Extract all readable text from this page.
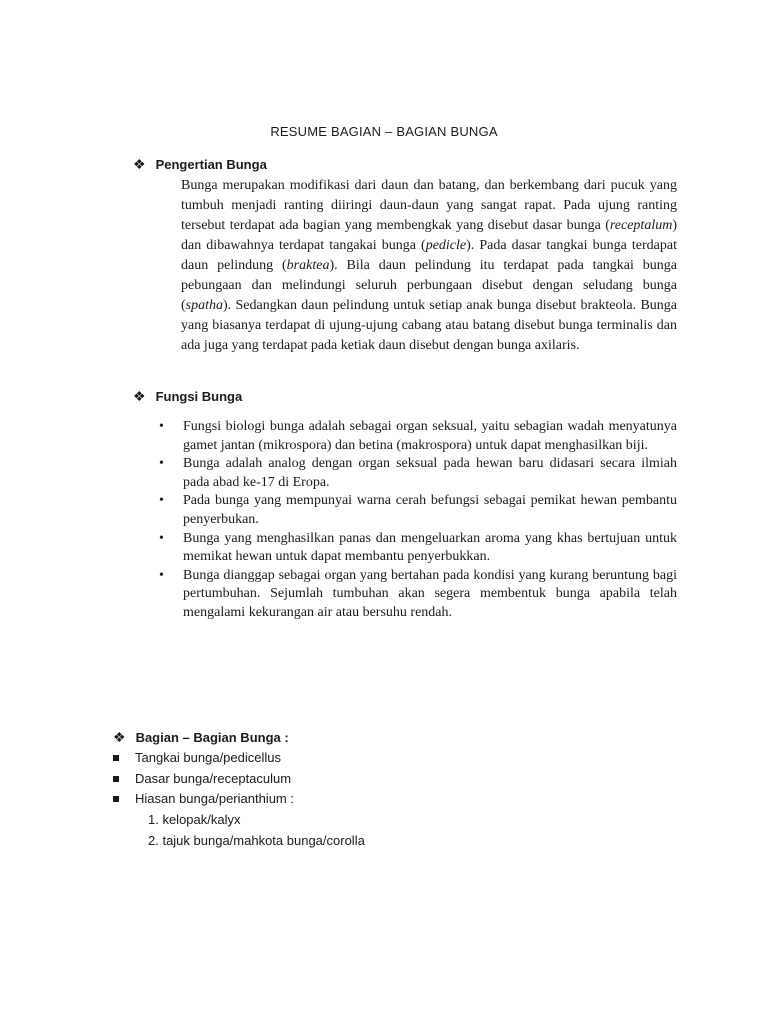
RESUME BAGIAN – BAGIAN BUNGA
❖ Pengertian Bunga
Bunga merupakan modifikasi dari daun dan batang, dan berkembang dari pucuk yang tumbuh menjadi ranting diiringi daun-daun yang sangat rapat. Pada ujung ranting tersebut terdapat ada bagian yang membengkak yang disebut dasar bunga (receptalum) dan dibawahnya terdapat tangakai bunga (pedicle). Pada dasar tangkai bunga terdapat daun pelindung (braktea). Bila daun pelindung itu terdapat pada tangkai bunga pebungaan dan melindungi seluruh perbungaan disebut dengan seludang bunga (spatha). Sedangkan daun pelindung untuk setiap anak bunga disebut brakteola. Bunga yang biasanya terdapat di ujung-ujung cabang atau batang disebut bunga terminalis dan ada juga yang terdapat pada ketiak daun disebut dengan bunga axilaris.
❖ Fungsi Bunga
•	Fungsi biologi bunga adalah sebagai organ seksual, yaitu sebagian wadah menyatunya gamet jantan (mikrospora) dan betina (makrospora) untuk dapat menghasilkan biji.
•	Bunga adalah analog dengan organ seksual pada hewan baru didasari secara ilmiah pada abad ke-17 di Eropa.
•	Pada bunga yang mempunyai warna cerah befungsi sebagai pemikat hewan pembantu penyerbukan.
•	Bunga yang menghasilkan panas dan mengeluarkan aroma yang khas bertujuan untuk memikat hewan untuk dapat membantu penyerbukkan.
•	Bunga dianggap sebagai organ yang bertahan pada kondisi yang kurang beruntung bagi pertumbuhan. Sejumlah tumbuhan akan segera membentuk bunga apabila telah mengalami kekurangan air atau bersuhu rendah.
❖ Bagian – Bagian Bunga :
Tangkai bunga/pedicellus
Dasar bunga/receptaculum
Hiasan bunga/perianthium :
1. kelopak/kalyx
2. tajuk bunga/mahkota bunga/corolla
